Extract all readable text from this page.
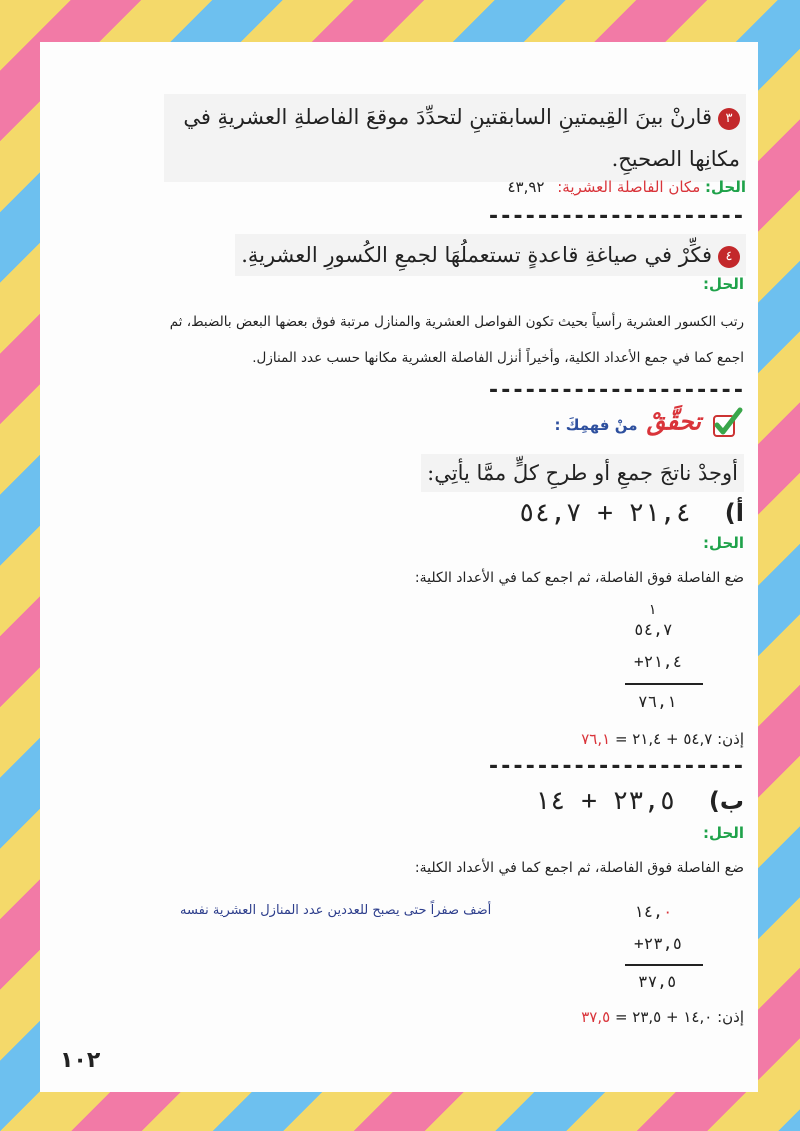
٣قارنْ بينَ القِيمتينِ السابقتينِ لتحدِّدَ موقعَ الفاصلةِ العشريةِ في مكانِها الصحيحِ.
الحل: مكان الفاصلة العشرية: ٤٣,٩٢
---------------------
٤فكِّرْ في صياغةِ قاعدةٍ تستعملُهَا لجمعِ الكُسورِ العشريةِ.
الحل:
رتب الكسور العشرية رأسياً بحيث تكون الفواصل العشرية والمنازل مرتبة فوق بعضها البعض بالضبط، ثم
اجمع كما في جمع الأعداد الكلية، وأخيراً أنزل الفاصلة العشرية مكانها حسب عدد المنازل.
---------------------
تحقَّقْ منْ فهمِكَ :
أوجدْ ناتجَ جمعِ أو طرحِ كلٍّ ممَّا يأتِي:
أ) ٢١,٤ + ٥٤,٧
الحل:
ضع الفاصلة فوق الفاصلة، ثم اجمع كما في الأعداد الكلية:
١
٥٤,٧
+٢١,٤
٧٦,١
إذن: ٥٤,٧ + ٢١,٤ = ٧٦,١
---------------------
ب) ٢٣,٥ + ١٤
الحل:
ضع الفاصلة فوق الفاصلة، ثم اجمع كما في الأعداد الكلية:
١٤,٠
أضف صفراً حتى يصبح للعددين عدد المنازل العشرية نفسه
+٢٣,٥
٣٧,٥
إذن: ١٤,٠ + ٢٣,٥ = ٣٧,٥
١٠٢
